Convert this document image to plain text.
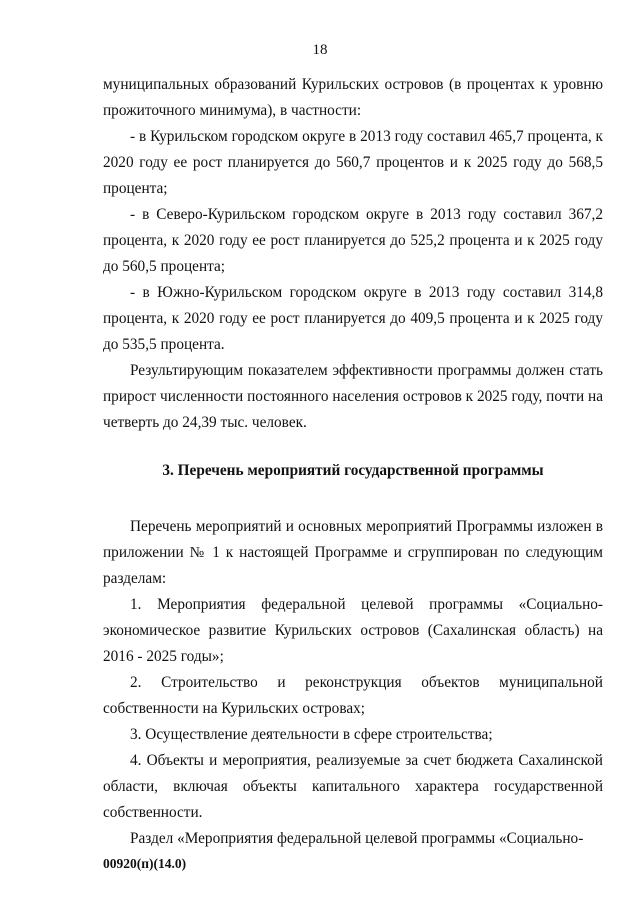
18

муниципальных образований Курильских островов (в процентах к уровню прожиточного минимума), в частности:

- в Курильском городском округе в 2013 году составил 465,7 процента, к 2020 году ее рост планируется до 560,7 процентов и к 2025 году до 568,5 процента;

- в Северо-Курильском городском округе в 2013 году составил 367,2 процента, к 2020 году ее рост планируется до 525,2 процента и к 2025 году до 560,5 процента;

- в Южно-Курильском городском округе в 2013 году составил 314,8 процента, к 2020 году ее рост планируется до 409,5 процента и к 2025 году до 535,5 процента.

Результирующим показателем эффективности программы должен стать прирост численности постоянного населения островов к 2025 году, почти на четверть до 24,39 тыс. человек.

3. Перечень мероприятий государственной программы

Перечень мероприятий и основных мероприятий Программы изложен в приложении № 1 к настоящей Программе и сгруппирован по следующим разделам:

1. Мероприятия федеральной целевой программы «Социально-экономическое развитие Курильских островов (Сахалинская область) на 2016 - 2025 годы»;

2. Строительство и реконструкция объектов муниципальной собственности на Курильских островах;

3. Осуществление деятельности в сфере строительства;

4. Объекты и мероприятия, реализуемые за счет бюджета Сахалинской области, включая объекты капитального характера государственной собственности.

Раздел «Мероприятия федеральной целевой программы «Социально-

00920(п)(14.0)
